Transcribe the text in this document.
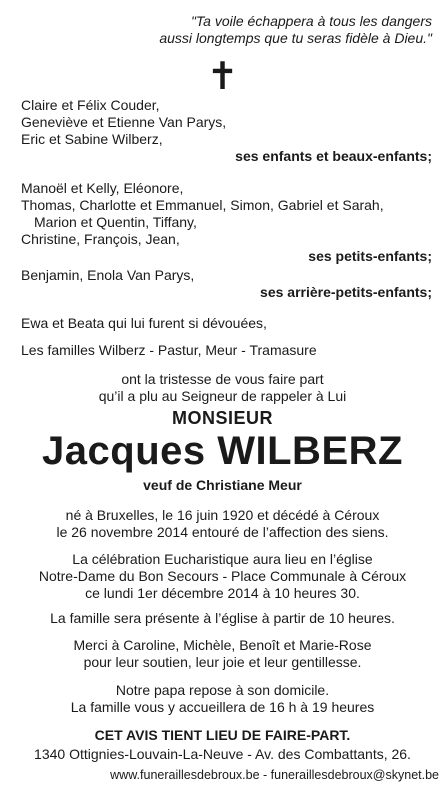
"Ta voile échappera à tous les dangers
aussi longtemps que tu seras fidèle à Dieu."
✝
Claire et Félix Couder,
Geneviève et Etienne Van Parys,
Eric et Sabine Wilberz,
ses enfants et beaux-enfants;
Manoël et Kelly, Eléonore,
Thomas, Charlotte et Emmanuel, Simon, Gabriel et Sarah,
Marion et Quentin, Tiffany,
Christine, François, Jean,
ses petits-enfants;
Benjamin, Enola Van Parys,
ses arrière-petits-enfants;
Ewa et Beata qui lui furent si dévouées,
Les familles Wilberz - Pastur, Meur - Tramasure
ont la tristesse de vous faire part
qu’il a plu au Seigneur de rappeler à Lui
MONSIEUR
Jacques WILBERZ
veuf de Christiane Meur
né à Bruxelles, le 16 juin 1920 et décédé à Céroux
le 26 novembre 2014 entouré de l’affection des siens.
La célébration Eucharistique aura lieu en l’église
Notre-Dame du Bon Secours - Place Communale à Céroux
ce lundi 1er décembre 2014 à 10 heures 30.
La famille sera présente à l’église à partir de 10 heures.
Merci à Caroline, Michèle, Benoît et Marie-Rose
pour leur soutien, leur joie et leur gentillesse.
Notre papa repose à son domicile.
La famille vous y accueillera de 16 h à 19 heures
CET AVIS TIENT LIEU DE FAIRE-PART.
1340 Ottignies-Louvain-La-Neuve - Av. des Combattants, 26.
www.funeraillesdebroux.be - funeraillesdebroux@skynet.be
